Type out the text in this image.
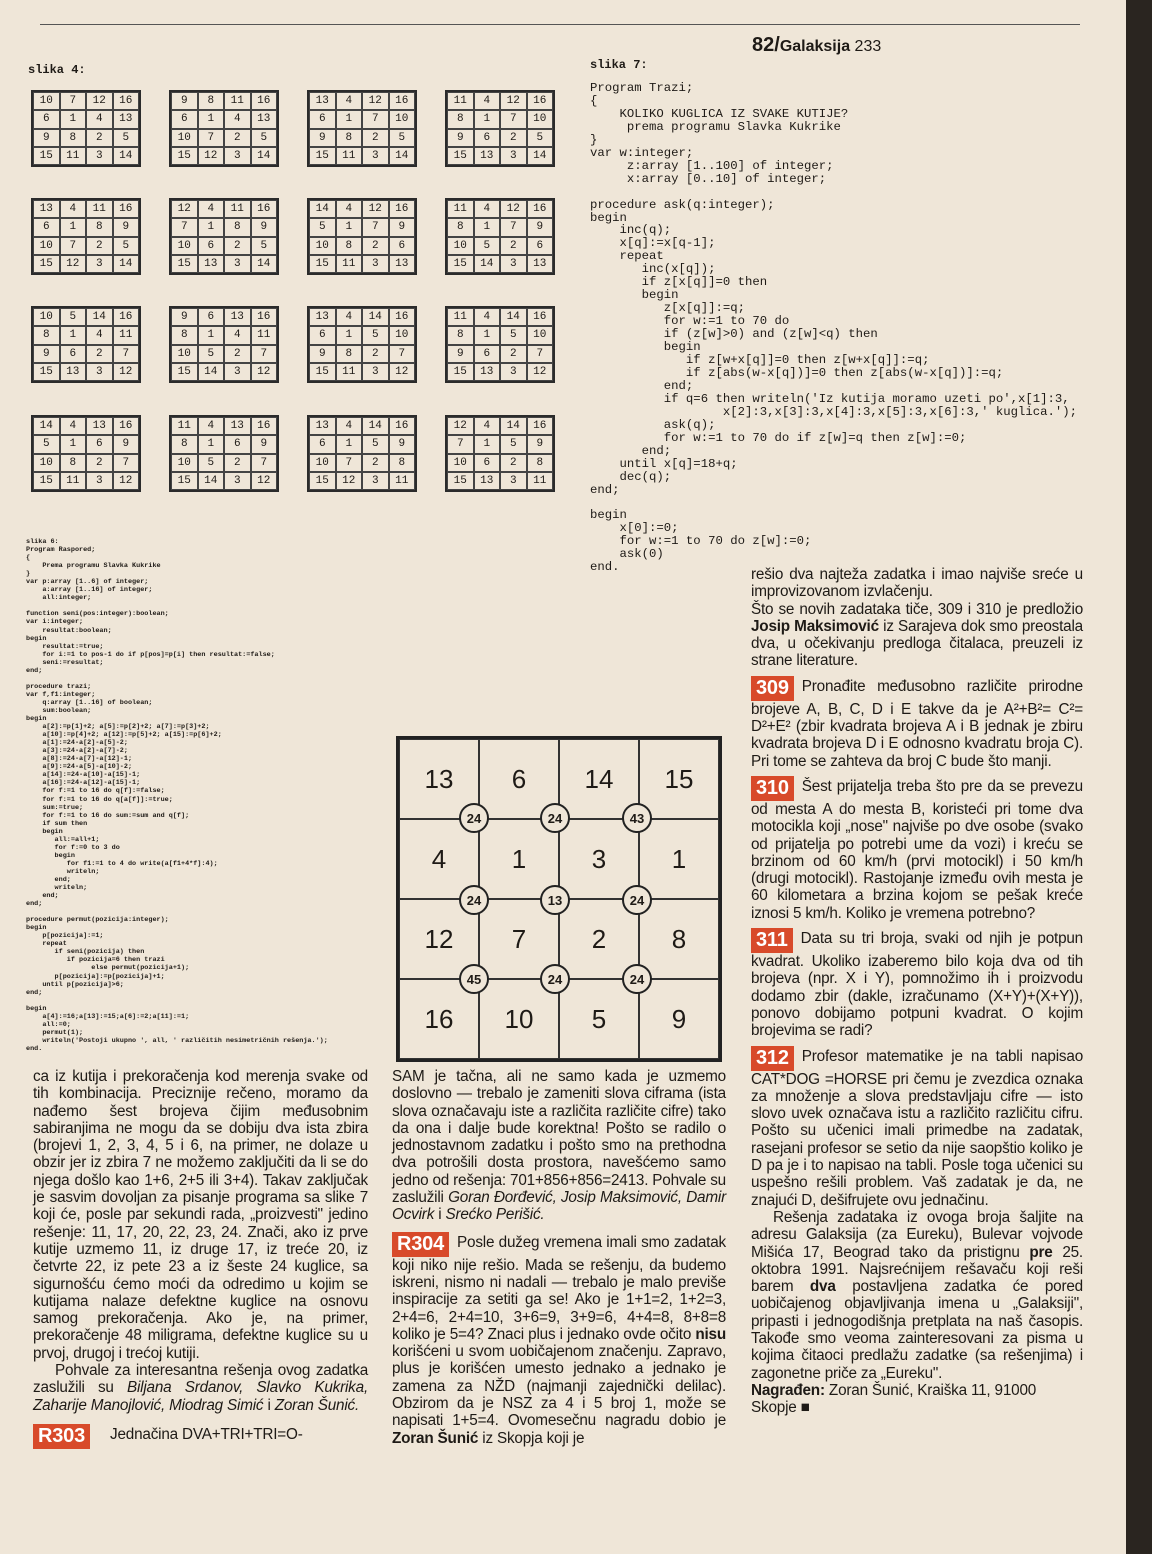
82/Galaksija 233
slika 4:
10	7	12	16
6	1	4	13
9	8	2	5
15	11	3	14
9	8	11	16
6	1	4	13
10	7	2	5
15	12	3	14
13	4	12	16
6	1	7	10
9	8	2	5
15	11	3	14
11	4	12	16
8	1	7	10
9	6	2	5
15	13	3	14
13	4	11	16
6	1	8	9
10	7	2	5
15	12	3	14
12	4	11	16
7	1	8	9
10	6	2	5
15	13	3	14
14	4	12	16
5	1	7	9
10	8	2	6
15	11	3	13
11	4	12	16
8	1	7	9
10	5	2	6
15	14	3	13
10	5	14	16
8	1	4	11
9	6	2	7
15	13	3	12
9	6	13	16
8	1	4	11
10	5	2	7
15	14	3	12
13	4	14	16
6	1	5	10
9	8	2	7
15	11	3	12
11	4	14	16
8	1	5	10
9	6	2	7
15	13	3	12
14	4	13	16
5	1	6	9
10	8	2	7
15	11	3	12
11	4	13	16
8	1	6	9
10	5	2	7
15	14	3	12
13	4	14	16
6	1	5	9
10	7	2	8
15	12	3	11
12	4	14	16
7	1	5	9
10	6	2	8
15	13	3	11
slika 7:
Program Trazi;
{
KOLIKO KUGLICA IZ SVAKE KUTIJE?
prema programu Slavka Kukrike
}
var w:integer;
z:array [1..100] of integer;
x:array [0..10] of integer;

procedure ask(q:integer);
begin
inc(q);
x[q]:=x[q-1];
repeat
inc(x[q]);
if z[x[q]]=0 then
begin
z[x[q]]:=q;
for w:=1 to 70 do
if (z[w]>0) and (z[w]<q) then
begin
if z[w+x[q]]=0 then z[w+x[q]]:=q;
if z[abs(w-x[q])]=0 then z[abs(w-x[q])]:=q;
end;
if q=6 then writeln('Iz kutija moramo uzeti po',x[1]:3,
x[2]:3,x[3]:3,x[4]:3,x[5]:3,x[6]:3,' kuglica.');
ask(q);
for w:=1 to 70 do if z[w]=q then z[w]:=0;
end;
until x[q]=18+q;
dec(q);
end;

begin
x[0]:=0;
for w:=1 to 70 do z[w]:=0;
ask(0)
end.
slika 6:
Program Raspored;
{
Prema programu Slavka Kukrike
}
var p:array [1..6] of integer;
a:array [1..16] of integer;
all:integer;

function seni(pos:integer):boolean;
var i:integer;
resultat:boolean;
begin
resultat:=true;
for i:=1 to pos-1 do if p[pos]=p[i] then resultat:=false;
seni:=resultat;
end;

procedure trazi;
var f,f1:integer;
q:array [1..16] of boolean;
sum:boolean;
begin
a[2]:=p[1]+2; a[5]:=p[2]+2; a[7]:=p[3]+2;
a[10]:=p[4]+2; a[12]:=p[5]+2; a[15]:=p[6]+2;
a[1]:=24-a[2]-a[5]-2;
a[3]:=24-a[2]-a[7]-2;
a[8]:=24-a[7]-a[12]-1;
a[9]:=24-a[5]-a[10]-2;
a[14]:=24-a[10]-a[15]-1;
a[16]:=24-a[12]-a[15]-1;
for f:=1 to 16 do q[f]:=false;
for f:=1 to 16 do q[a[f]]:=true;
sum:=true;
for f:=1 to 16 do sum:=sum and q[f];
if sum then
begin
all:=all+1;
for f:=0 to 3 do
begin
for f1:=1 to 4 do write(a[f1+4*f]:4);
writeln;
end;
writeln;
end;
end;

procedure permut(pozicija:integer);
begin
p[pozicija]:=1;
repeat
if seni(pozicija) then
if pozicija=6 then trazi
else permut(pozicija+1);
p[pozicija]:=p[pozicija]+1;
until p[pozicija]>6;
end;

begin
a[4]:=16;a[13]:=15;a[6]:=2;a[11]:=1;
all:=0;
permut(1);
writeln('Postoji ukupno ', all, ' različitih nesimetričnih rešenja.');
end.
13	6	14	15
4	1	3	1
12	7	2	8
16	10	5	9
24	24	43
24	13	24
45	24	24

ca iz kutija i prekoračenja kod merenja svake od tih kombinacija. Preciznije rečeno, moramo da nađemo šest brojeva čijim međusobnim sabiranjima ne mogu da se dobiju dva ista zbira (brojevi 1, 2, 3, 4, 5 i 6, na primer, ne dolaze u obzir jer iz zbira 7 ne možemo zaključiti da li se do njega došlo kao 1+6, 2+5 ili 3+4). Takav zaključak je sasvim dovoljan za pisanje programa sa slike 7 koji će, posle par sekundi rada, „proizvesti" jedino rešenje: 11, 17, 20, 22, 23, 24. Znači, ako iz prve kutije uzmemo 11, iz druge 17, iz treće 20, iz četvrte 22, iz pete 23 a iz šeste 24 kuglice, sa sigurnošću ćemo moći da odredimo u kojim se kutijama nalaze defektne kuglice na osnovu samog prekoračenja. Ako je, na primer, prekoračenje 48 miligrama, defektne kuglice su u prvoj, drugoj i trećoj kutiji.

Pohvale za interesantna rešenja ovog zadatka zaslužili su Biljana Srdanov, Slavko Kukrika, Zaharije Manojlović, Miodrag Simić i Zoran Šunić.

R303 Jednačina DVA+TRI+TRI=O-

SAM je tačna, ali ne samo kada je uzmemo doslovno — trebalo je zameniti slova ciframa (ista slova označavaju iste a različita različite cifre) tako da ona i dalje bude korektna! Pošto se radilo o jednostavnom zadatku i pošto smo na prethodna dva potrošili dosta prostora, navešćemo samo jedno od rešenja: 701+856+856=2413. Pohvale su zaslužili Goran Đorđević, Josip Maksimović, Damir Ocvirk i Srećko Perišić.

R304 Posle dužeg vremena imali smo zadatak koji niko nije rešio. Mada se rešenju, da budemo iskreni, nismo ni nadali — trebalo je malo previše inspiracije za setiti ga se! Ako je 1+1=2, 1+2=3, 2+4=6, 2+4=10, 3+6=9, 3+9=6, 4+4=8, 8+8=8 koliko je 5=4? Znaci plus i jednako ovde očito nisu korišćeni u svom uobičajenom značenju. Zapravo, plus je korišćen umesto jednako a jednako je zamena za NŽD (najmanji zajednički delilac). Obzirom da je NSZ za 4 i 5 broj 1, može se napisati 1+5=4. Ovomesečnu nagradu dobio je Zoran Šunić iz Skopja koji je

rešio dva najteža zadatka i imao najviše sreće u improvizovanom izvlačenju.

Što se novih zadataka tiče, 309 i 310 je predložio Josip Maksimović iz Sarajeva dok smo preostala dva, u očekivanju predloga čitalaca, preuzeli iz strane literature.

309 Pronađite međusobno različite prirodne brojeve A, B, C, D i E takve da je A²+B²= C²= D²+E² (zbir kvadrata brojeva A i B jednak je zbiru kvadrata brojeva D i E odnosno kvadratu broja C). Pri tome se zahteva da broj C bude što manji.

310 Šest prijatelja treba što pre da se prevezu od mesta A do mesta B, koristeći pri tome dva motocikla koji „nose" najviše po dve osobe (svako od prijatelja po potrebi ume da vozi) i kreću se brzinom od 60 km/h (prvi motocikl) i 50 km/h (drugi motocikl). Rastojanje između ovih mesta je 60 kilometara a brzina kojom se pešak kreće iznosi 5 km/h. Koliko je vremena potrebno?

311 Data su tri broja, svaki od njih je potpun kvadrat. Ukoliko izaberemo bilo koja dva od tih brojeva (npr. X i Y), pomnožimo ih i proizvodu dodamo zbir (dakle, izračunamo (X+Y)+(X+Y)), ponovo dobijamo potpuni kvadrat. O kojim brojevima se radi?

312 Profesor matematike je na tabli napisao CAT*DOG =HORSE pri čemu je zvezdica oznaka za množenje a slova predstavljaju cifre — isto slovo uvek označava istu a različito različitu cifru. Pošto su učenici imali primedbe na zadatak, rasejani profesor se setio da nije saopštio koliko je D pa je i to napisao na tabli. Posle toga učenici su uspešno rešili problem. Vaš zadatak je da, ne znajući D, dešifrujete ovu jednačinu.

Rešenja zadataka iz ovoga broja šaljite na adresu Galaksija (za Eureku), Bulevar vojvode Mišića 17, Beograd tako da pristignu pre 25. oktobra 1991. Najsrećnijem rešavaču koji reši barem dva postavljena zadatka će pored uobičajenog objavljivanja imena u „Galaksiji", pripasti i jednogodišnja pretplata na naš časopis. Takođe smo veoma zainteresovani za pisma u kojima čitaoci predlažu zadatke (sa rešenjima) i zagonetne priče za „Eureku".

Nagrađen: Zoran Šunić, Kraiška 11, 91000 Skopje ■
